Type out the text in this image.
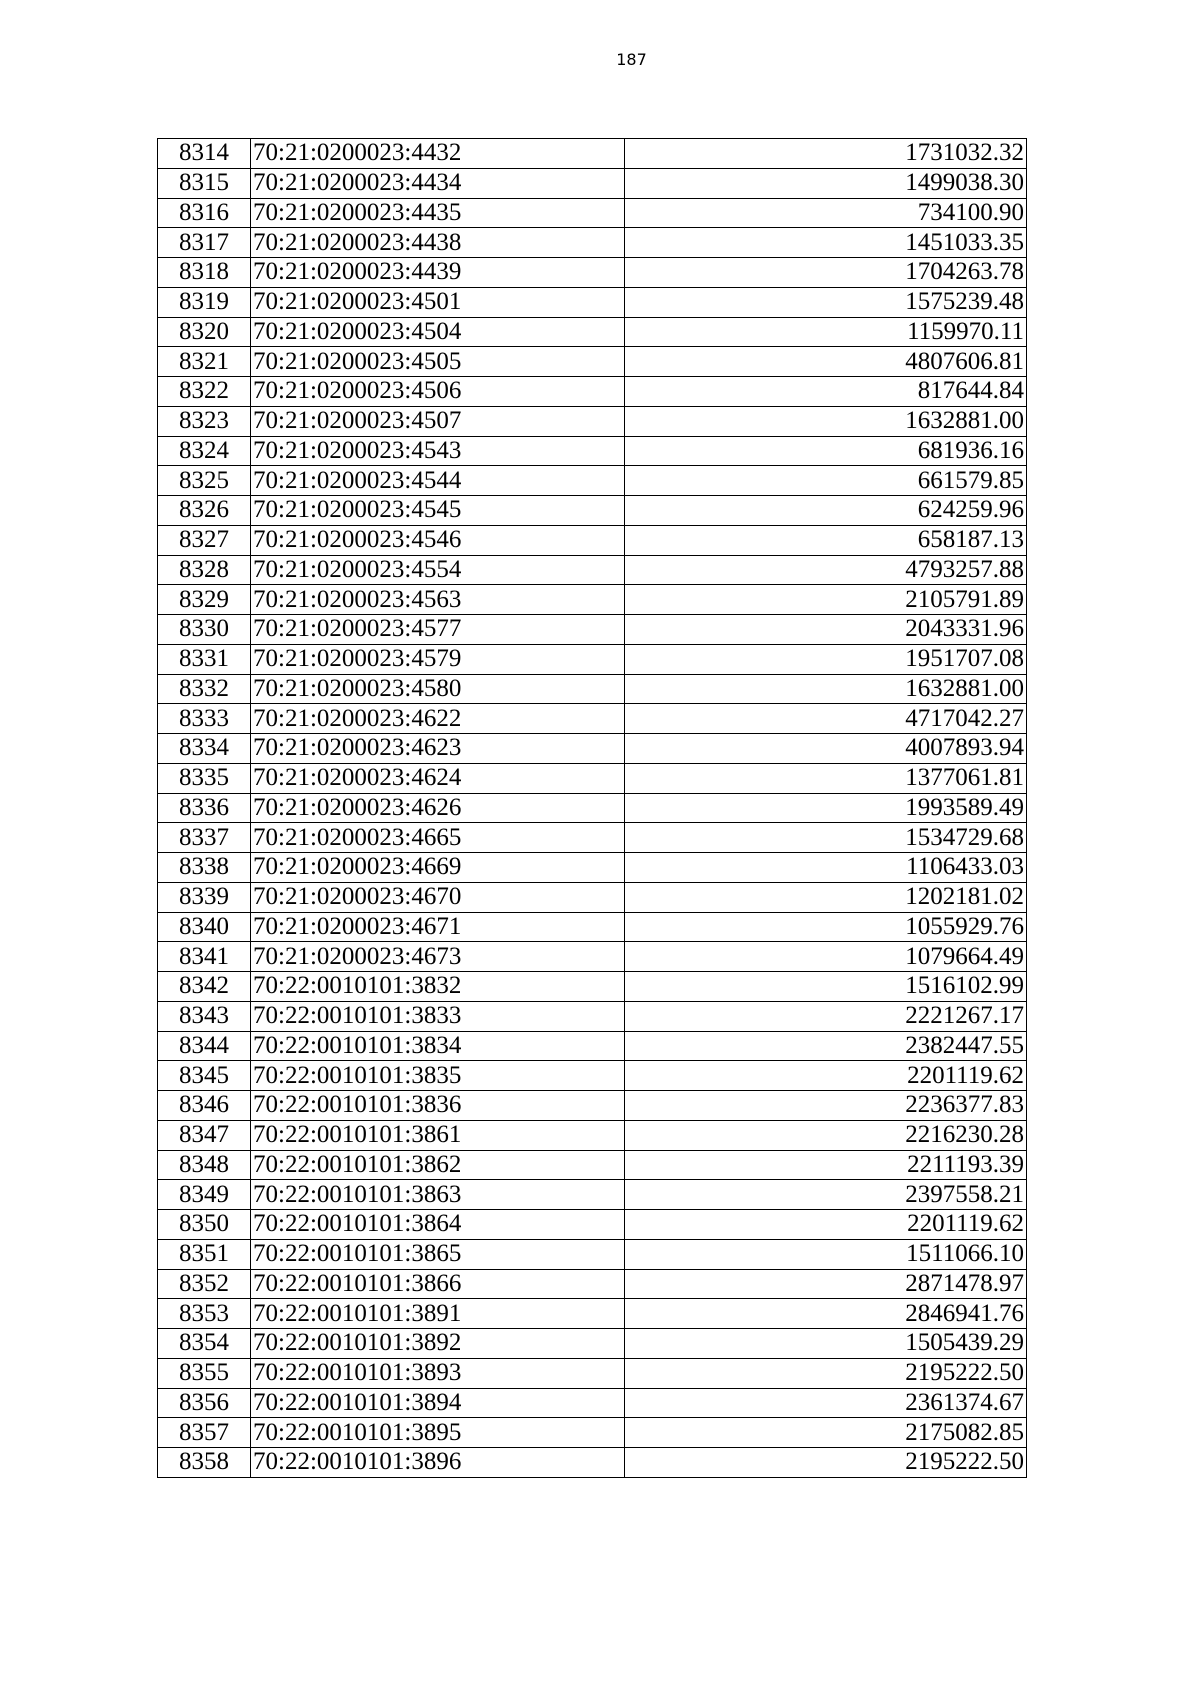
187
8314	70:21:0200023:4432	1731032.32
8315	70:21:0200023:4434	1499038.30
8316	70:21:0200023:4435	734100.90
8317	70:21:0200023:4438	1451033.35
8318	70:21:0200023:4439	1704263.78
8319	70:21:0200023:4501	1575239.48
8320	70:21:0200023:4504	1159970.11
8321	70:21:0200023:4505	4807606.81
8322	70:21:0200023:4506	817644.84
8323	70:21:0200023:4507	1632881.00
8324	70:21:0200023:4543	681936.16
8325	70:21:0200023:4544	661579.85
8326	70:21:0200023:4545	624259.96
8327	70:21:0200023:4546	658187.13
8328	70:21:0200023:4554	4793257.88
8329	70:21:0200023:4563	2105791.89
8330	70:21:0200023:4577	2043331.96
8331	70:21:0200023:4579	1951707.08
8332	70:21:0200023:4580	1632881.00
8333	70:21:0200023:4622	4717042.27
8334	70:21:0200023:4623	4007893.94
8335	70:21:0200023:4624	1377061.81
8336	70:21:0200023:4626	1993589.49
8337	70:21:0200023:4665	1534729.68
8338	70:21:0200023:4669	1106433.03
8339	70:21:0200023:4670	1202181.02
8340	70:21:0200023:4671	1055929.76
8341	70:21:0200023:4673	1079664.49
8342	70:22:0010101:3832	1516102.99
8343	70:22:0010101:3833	2221267.17
8344	70:22:0010101:3834	2382447.55
8345	70:22:0010101:3835	2201119.62
8346	70:22:0010101:3836	2236377.83
8347	70:22:0010101:3861	2216230.28
8348	70:22:0010101:3862	2211193.39
8349	70:22:0010101:3863	2397558.21
8350	70:22:0010101:3864	2201119.62
8351	70:22:0010101:3865	1511066.10
8352	70:22:0010101:3866	2871478.97
8353	70:22:0010101:3891	2846941.76
8354	70:22:0010101:3892	1505439.29
8355	70:22:0010101:3893	2195222.50
8356	70:22:0010101:3894	2361374.67
8357	70:22:0010101:3895	2175082.85
8358	70:22:0010101:3896	2195222.50
